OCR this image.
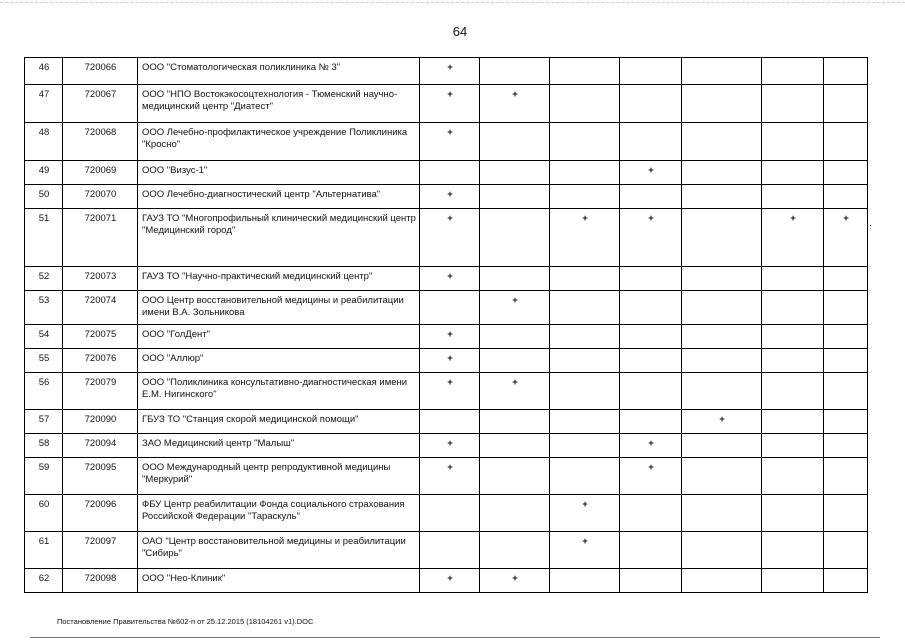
64
46	720066	ООО "Стоматологическая поликлиника № 3"	+						
47	720067	ООО "НПО Востокэкосоцтехнология - Тюменский научно-медицинский центр "Диатест"	+	+					
48	720068	ООО Лечебно-профилактическое учреждение Поликлиника "Кросно"	+						
49	720069	ООО "Визус-1"				+			
50	720070	ООО Лечебно-диагностический центр "Альтернатива"	+						
51	720071	ГАУЗ ТО "Многопрофильный клинический медицинский центр "Медицинский город"	+		+	+		+	+
52	720073	ГАУЗ ТО "Научно-практический медицинский центр"	+						
53	720074	ООО Центр восстановительной медицины и реабилитации имени В.А. Зольникова		+					
54	720075	ООО "ГолДент"	+						
55	720076	ООО "Аллюр"	+						
56	720079	ООО "Поликлиника консультативно-диагностическая имени Е.М. Нигинского"	+	+					
57	720090	ГБУЗ ТО "Станция скорой медицинской помощи"					+		
58	720094	ЗАО Медицинский центр "Малыш"	+			+			
59	720095	ООО Международный центр репродуктивной медицины "Меркурий"	+			+			
60	720096	ФБУ Центр реабилитации Фонда социального страхования Российской Федерации "Тараскуль"			+				
61	720097	ОАО "Центр восстановительной медицины и реабилитации "Сибирь"			+				
62	720098	ООО "Нео-Клиник"	+	+					
.
Постановление Правительства №602-п от 25.12.2015 (18104261 v1).DOC
